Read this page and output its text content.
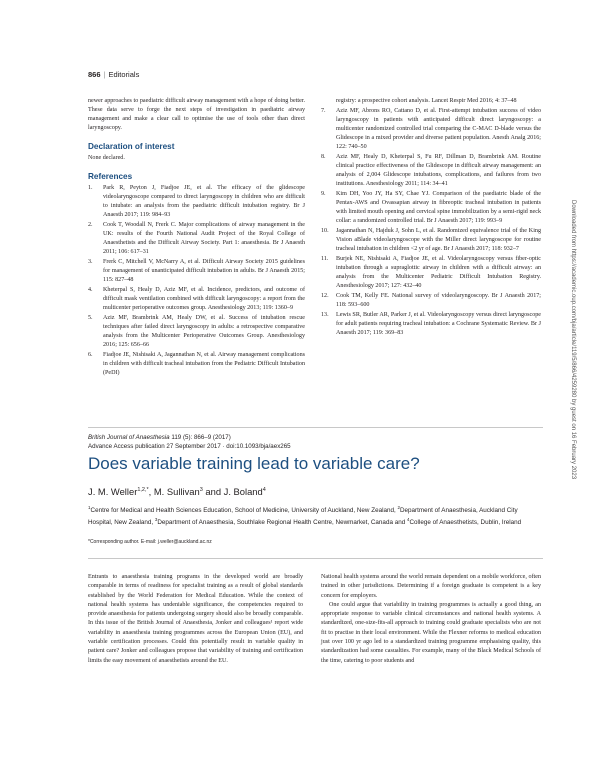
866 | Editorials

newer approaches to paediatric difficult airway management with a hope of doing better. These data serve to forge the next steps of investigation in paediatric airway management and make a clear call to optimise the use of tools other than direct laryngoscopy.

Declaration of interest

None declared.

References
1.	Park R, Peyton J, Fiadjoe JE, et al. The efficacy of the glidescope videolaryngoscope compared to direct laryngoscopy in children who are difficult to intubate: an analysis from the paediatric difficult intubation registry. Br J Anaesth 2017; 119: 984–93
2.	Cook T, Woodall N, Frerk C. Major complications of airway management in the UK: results of the Fourth National Audit Project of the Royal College of Anaesthetists and the Difficult Airway Society. Part 1: anaesthesia. Br J Anaesth 2011; 106: 617–31
3.	Frerk C, Mitchell V, McNarry A, et al. Difficult Airway Society 2015 guidelines for management of unanticipated difficult intubation in adults. Br J Anaesth 2015; 115: 827–48
4.	Kheterpal S, Healy D, Aziz MF, et al. Incidence, predictors, and outcome of difficult mask ventilation combined with difficult laryngoscopy: a report from the multicenter perioperative outcomes group. Anesthesiology 2013; 119: 1360–9
5.	Aziz MF, Brambrink AM, Healy DW, et al. Success of intubation rescue techniques after failed direct laryngoscopy in adults: a retrospective comparative analysis from the Multicenter Perioperative Outcomes Group. Anesthesiology 2016; 125: 656–66
6.	Fiadjoe JE, Nishisaki A, Jagannathan N, et al. Airway management complications in children with difficult tracheal intubation from the Pediatric Difficult Intubation (PeDI)

registry: a prospective cohort analysis. Lancet Respir Med 2016; 4: 37–48

7.	Aziz MF, Abrons RO, Cattano D, et al. First-attempt intubation success of video laryngoscopy in patients with anticipated difficult direct laryngoscopy: a multicenter randomized controlled trial comparing the C-MAC D-blade versus the Glidescope in a mixed provider and diverse patient population. Anesth Analg 2016; 122: 740–50
8.	Aziz MF, Healy D, Kheterpal S, Fu RF, Dillman D, Brambrink AM. Routine clinical practice effectiveness of the Glidescope in difficult airway management: an analysis of 2,004 Glidescope intubations, complications, and failures from two institutions. Anesthesiology 2011; 114: 34–41
9.	Kim DH, Yoo JY, Ha SY, Chae YJ. Comparison of the paediatric blade of the Pentax-AWS and Ovassapian airway in fibreoptic tracheal intubation in patients with limited mouth opening and cervical spine immobilization by a semi-rigid neck collar: a randomized controlled trial. Br J Anaesth 2017; 119: 993–9
10.	Jagannathan N, Hajduk J, Sohn L, et al. Randomized equivalence trial of the King Vision aBlade videolaryngoscope with the Miller direct laryngoscope for routine tracheal intubation in children <2 yr of age. Br J Anaesth 2017; 118: 932–7
11.	Burjek NE, Nishisaki A, Fiadjoe JE, et al. Videolaryngoscopy versus fiber-optic intubation through a supraglottic airway in children with a difficult airway: an analysis from the Multicenter Pediatric Difficult Intubation Registry. Anesthesiology 2017; 127: 432–40
12.	Cook TM, Kelly FE. National survey of videolaryngoscopy. Br J Anaesth 2017; 118: 593–600
13.	Lewis SR, Butler AR, Parker J, et al. Videolaryngoscopy versus direct laryngoscope for adult patients requiring tracheal intubation: a Cochrane Systematic Review. Br J Anaesth 2017; 119: 369–83	Downloaded from https://academic.oup.com/bja/article/119/5/866/4259280 by guest on 16 February 2023
British Journal of Anaesthesia 119 (5): 866–9 (2017)
Advance Access publication 27 September 2017 · doi:10.1093/bja/aex265
Does variable training lead to variable care?
J. M. Weller$^{1,2,*}$, M. Sullivan$^3$ and J. Boland$^4$
$^1$Centre for Medical and Health Sciences Education, School of Medicine, University of Auckland, New Zealand, $^2$Department of Anaesthesia, Auckland City Hospital, New Zealand, $^3$Department of Anaesthesia, Southlake Regional Health Centre, Newmarket, Canada and $^4$College of Anaesthetists, Dublin, Ireland
*Corresponding author. E-mail: j.weller@auckland.ac.nz

Entrants to anaesthesia training programs in the developed world are broadly comparable in terms of readiness for specialist training as a result of global standards established by the World Federation for Medical Education. While the context of national health systems has undeniable significance, the competencies required to provide anaesthesia for patients undergoing surgery should also be broadly comparable. In this issue of the British Journal of Anaesthesia, Jonker and colleagues¹ report wide variability in anaesthesia training programmes across the European Union (EU), and variable certification processes. Could this potentially result in variable quality in patient care? Jonker and colleagues propose that variability of training and certification limits the easy movement of anaesthetists around the EU.

National health systems around the world remain dependent on a mobile workforce, often trained in other jurisdictions. Determining if a foreign graduate is competent is a key concern for employers.

One could argue that variability in training programmes is actually a good thing, an appropriate response to variable clinical circumstances and national health systems. A standardized, one-size-fits-all approach to training could graduate specialists who are not fit to practise in their local environment. While the Flexner reforms to medical education just over 100 yr ago led to a standardized training programme emphasising quality, this standardization had some casualties. For example, many of the Black Medical Schools of the time, catering to poor students and
